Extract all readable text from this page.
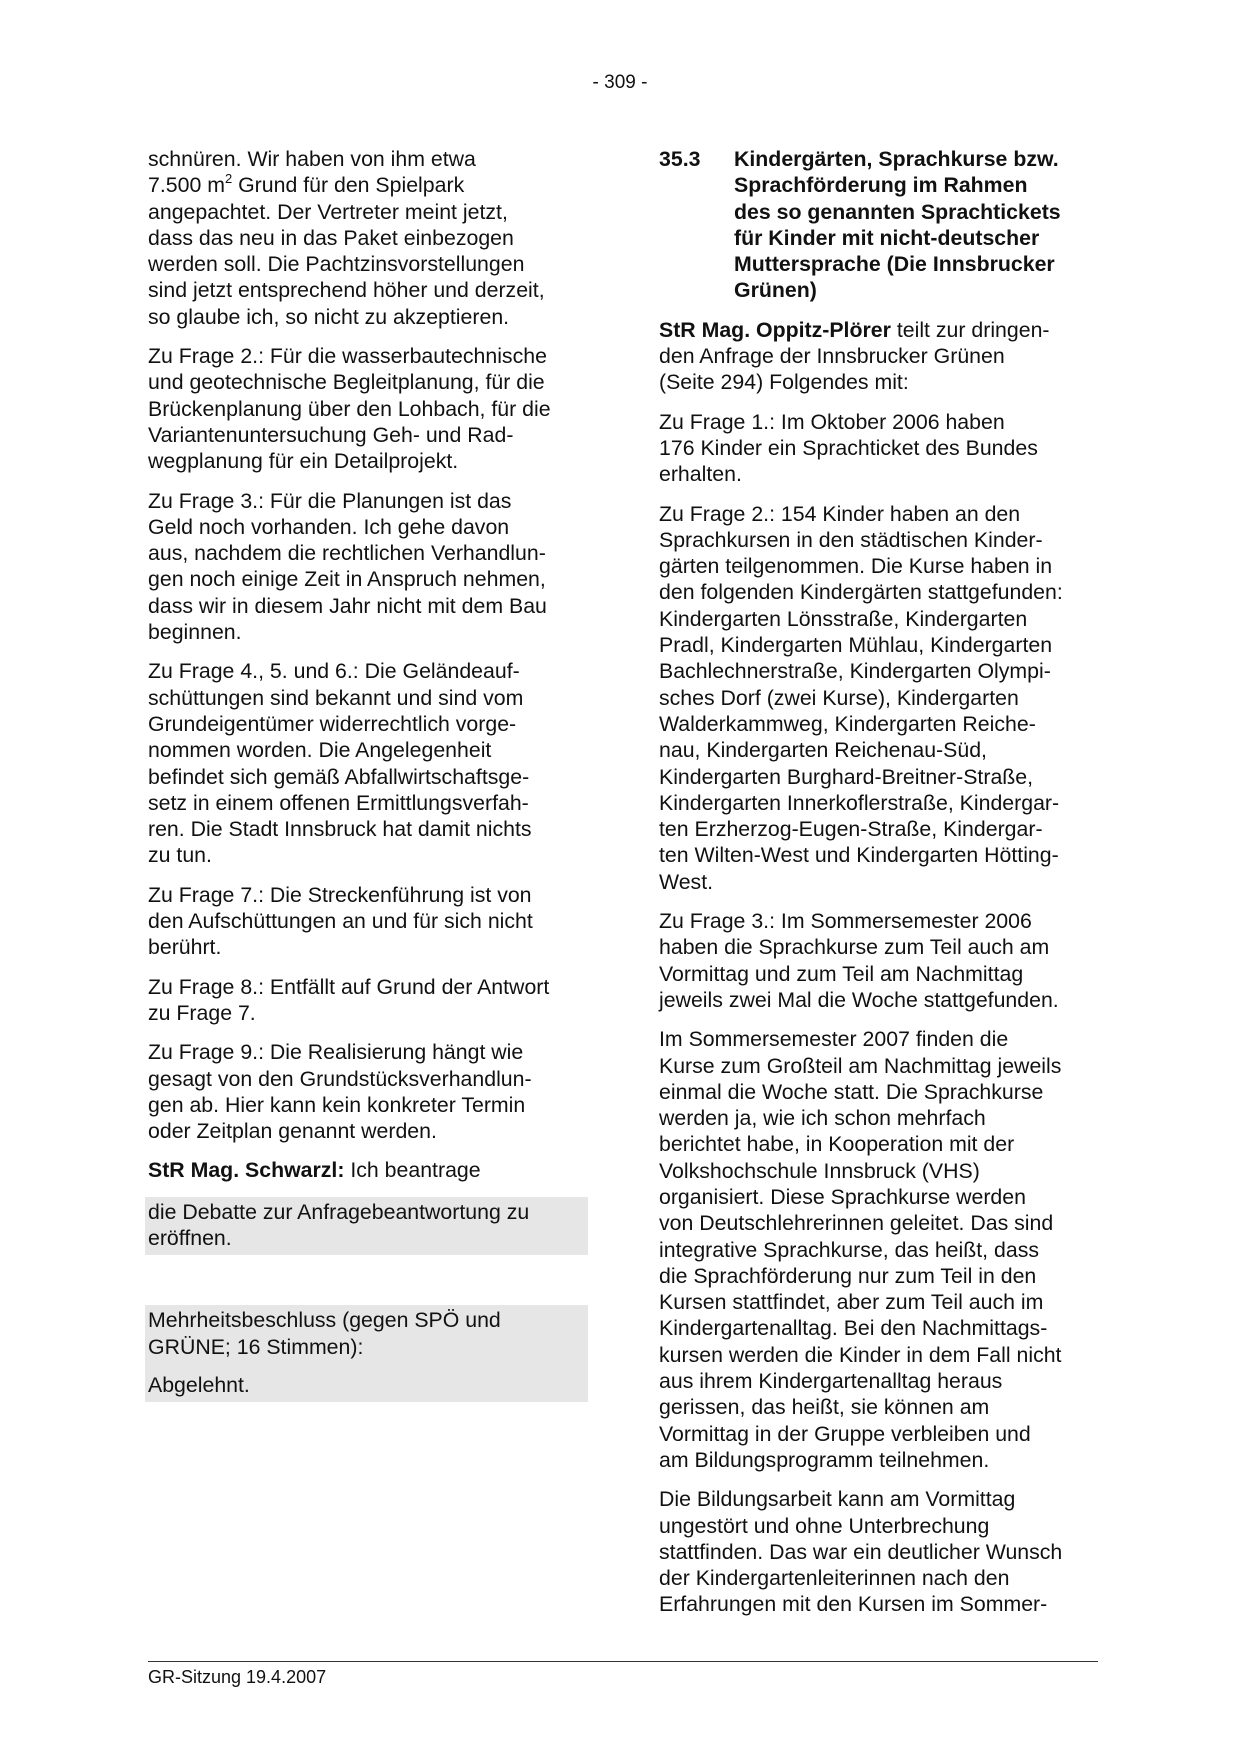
- 309 -

schnüren. Wir haben von ihm etwa
7.500 $m^2$ Grund für den Spielpark
angepachtet. Der Vertreter meint jetzt,
dass das neu in das Paket einbezogen
werden soll. Die Pachtzinsvorstellungen
sind jetzt entsprechend höher und derzeit,
so glaube ich, so nicht zu akzeptieren.

Zu Frage 2.: Für die wasserbautechnische
und geotechnische Begleitplanung, für die
Brückenplanung über den Lohbach, für die
Variantenuntersuchung Geh- und Rad-
wegplanung für ein Detailprojekt.

Zu Frage 3.: Für die Planungen ist das
Geld noch vorhanden. Ich gehe davon
aus, nachdem die rechtlichen Verhandlun-
gen noch einige Zeit in Anspruch nehmen,
dass wir in diesem Jahr nicht mit dem Bau
beginnen.

Zu Frage 4., 5. und 6.: Die Geländeauf-
schüttungen sind bekannt und sind vom
Grundeigentümer widerrechtlich vorge-
nommen worden. Die Angelegenheit
befindet sich gemäß Abfallwirtschaftsge-
setz in einem offenen Ermittlungsverfah-
ren. Die Stadt Innsbruck hat damit nichts
zu tun.

Zu Frage 7.: Die Streckenführung ist von
den Aufschüttungen an und für sich nicht
berührt.

Zu Frage 8.: Entfällt auf Grund der Antwort
zu Frage 7.

Zu Frage 9.: Die Realisierung hängt wie
gesagt von den Grundstücksverhandlun-
gen ab. Hier kann kein konkreter Termin
oder Zeitplan genannt werden.

StR Mag. Schwarzl: Ich beantrage

die Debatte zur Anfragebeantwortung zu
eröffnen.

Mehrheitsbeschluss (gegen SPÖ und
GRÜNE; 16 Stimmen):

Abgelehnt.

35.3	Kindergärten, Sprachkurse bzw.
Sprachförderung im Rahmen
des so genannten Sprachtickets
für Kinder mit nicht-deutscher
Muttersprache (Die Innsbrucker
Grünen)

StR Mag. Oppitz-Plörer teilt zur dringen-
den Anfrage der Innsbrucker Grünen
(Seite 294) Folgendes mit:

Zu Frage 1.: Im Oktober 2006 haben
176 Kinder ein Sprachticket des Bundes
erhalten.

Zu Frage 2.: 154 Kinder haben an den
Sprachkursen in den städtischen Kinder-
gärten teilgenommen. Die Kurse haben in
den folgenden Kindergärten stattgefunden:
Kindergarten Lönsstraße, Kindergarten
Pradl, Kindergarten Mühlau, Kindergarten
Bachlechnerstraße, Kindergarten Olympi-
sches Dorf (zwei Kurse), Kindergarten
Walderkammweg, Kindergarten Reiche-
nau, Kindergarten Reichenau-Süd,
Kindergarten Burghard-Breitner-Straße,
Kindergarten Innerkoflerstraße, Kindergar-
ten Erzherzog-Eugen-Straße, Kindergar-
ten Wilten-West und Kindergarten Hötting-
West.

Zu Frage 3.: Im Sommersemester 2006
haben die Sprachkurse zum Teil auch am
Vormittag und zum Teil am Nachmittag
jeweils zwei Mal die Woche stattgefunden.

Im Sommersemester 2007 finden die
Kurse zum Großteil am Nachmittag jeweils
einmal die Woche statt. Die Sprachkurse
werden ja, wie ich schon mehrfach
berichtet habe, in Kooperation mit der
Volkshochschule Innsbruck (VHS)
organisiert. Diese Sprachkurse werden
von Deutschlehrerinnen geleitet. Das sind
integrative Sprachkurse, das heißt, dass
die Sprachförderung nur zum Teil in den
Kursen stattfindet, aber zum Teil auch im
Kindergartenalltag. Bei den Nachmittags-
kursen werden die Kinder in dem Fall nicht
aus ihrem Kindergartenalltag heraus
gerissen, das heißt, sie können am
Vormittag in der Gruppe verbleiben und
am Bildungsprogramm teilnehmen.

Die Bildungsarbeit kann am Vormittag
ungestört und ohne Unterbrechung
stattfinden. Das war ein deutlicher Wunsch
der Kindergartenleiterinnen nach den
Erfahrungen mit den Kursen im Sommer-

GR-Sitzung 19.4.2007
